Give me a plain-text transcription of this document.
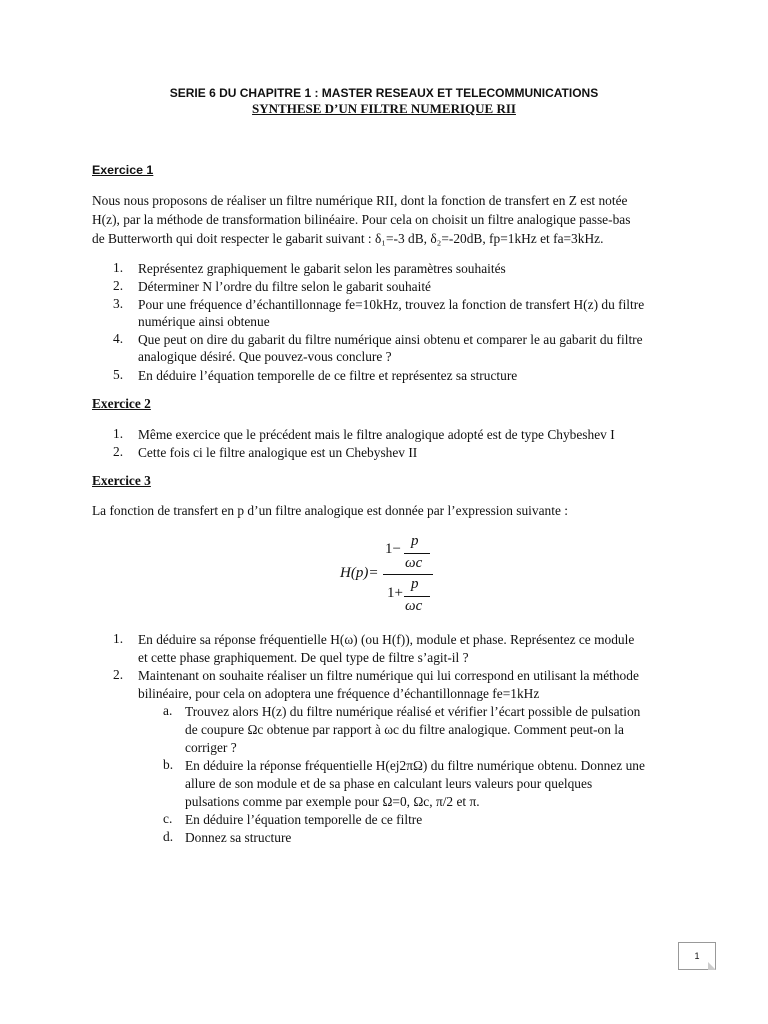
SERIE 6 DU CHAPITRE 1 : MASTER RESEAUX ET TELECOMMUNICATIONS
SYNTHESE D’UN FILTRE NUMERIQUE RII
Exercice 1
Nous nous proposons de réaliser un filtre numérique RII, dont la fonction de transfert en Z est notée
H(z), par la méthode de transformation bilinéaire. Pour cela on choisit un filtre analogique passe-bas
de Butterworth qui doit respecter le gabarit suivant : δ₁=-3 dB, δ₂=-20dB, fp=1kHz et fa=3kHz.
1. Représentez graphiquement le gabarit selon les paramètres souhaités
2. Déterminer N l’ordre du filtre selon le gabarit souhaité
3. Pour une fréquence d’échantillonnage fe=10kHz, trouvez la fonction de transfert H(z) du filtre
numérique ainsi obtenue
4. Que peut on dire du gabarit du filtre numérique ainsi obtenu et comparer le au gabarit du filtre
analogique désiré. Que pouvez-vous conclure ?
5. En déduire l’équation temporelle de ce filtre et représentez sa structure
Exercice 2
1. Même exercice que le précédent mais le filtre analogique adopté est de type Chybeshev I
2. Cette fois ci le filtre analogique est un Chebyshev II
Exercice 3
La fonction de transfert en p d’un filtre analogique est donnée par l’expression suivante :
H(p)=
1− p
ωc
1+
p
ωc
1. En déduire sa réponse fréquentielle H(ω) (ou H(f)), module et phase. Représentez ce module
et cette phase graphiquement. De quel type de filtre s’agit-il ?
2. Maintenant on souhaite réaliser un filtre numérique qui lui correspond en utilisant la méthode
bilinéaire, pour cela on adoptera une fréquence d’échantillonnage fe=1kHz
a. Trouvez alors H(z) du filtre numérique réalisé et vérifier l’écart possible de pulsation
de coupure Ωc obtenue par rapport à ωc du filtre analogique. Comment peut-on la
corriger ?
b. En déduire la réponse fréquentielle H(ej2πΩ) du filtre numérique obtenu. Donnez une
allure de son module et de sa phase en calculant leurs valeurs pour quelques
pulsations comme par exemple pour Ω=0, Ωc, π/2 et π.
c. En déduire l’équation temporelle de ce filtre
d. Donnez sa structure
1
